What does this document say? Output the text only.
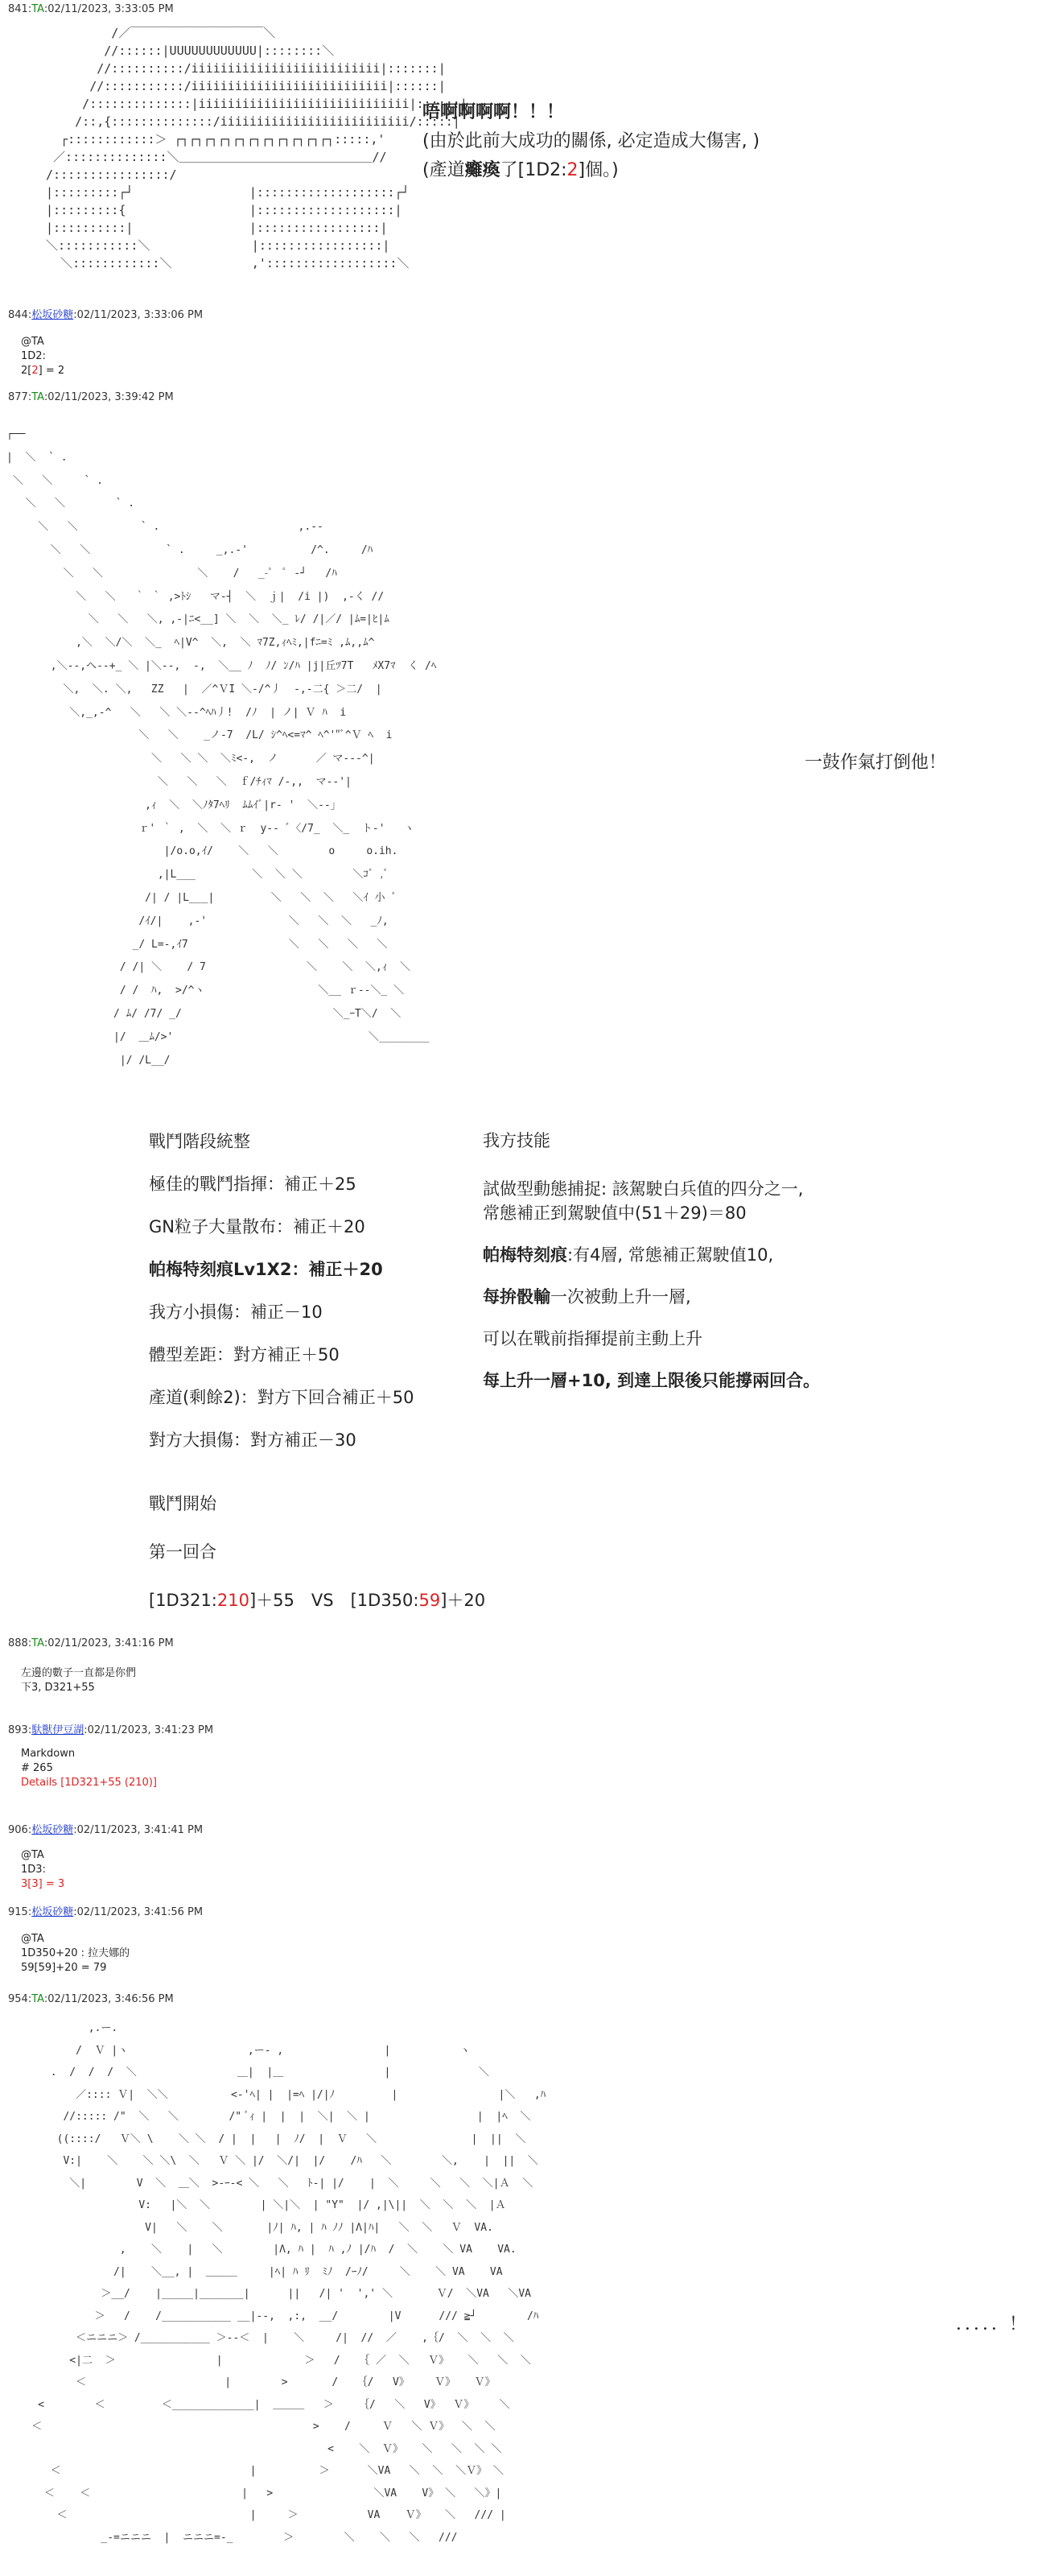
841:TA:02/11/2023, 3:33:05 PM
/／￣￣￣￣￣￣￣￣￣￣￣＼
//::::::|UUUUUUUUUUUU|::::::::＼
//::::::::::/iiiiiiiiiiiiiiiiiiiiiiiiii|:::::::|
//:::::::::::/iiiiiiiiiiiiiiiiiiiiiiiiiii|::::::|
/::::::::::::::|iiiiiiiiiiiiiiiiiiiiiiiiiiiii|::::::|
/::,{::::::::::::::/iiiiiiiiiiiiiiiiiiiiiiiiii/:::::|
┌::::::::::::＞ ┌┐┌┐┌┐┌┐┌┐┌┐┌┐┌┐┌┐┌┐┌┐:::::,'
／::::::::::::::＼＿＿＿＿＿＿＿＿＿＿＿＿＿＿＿＿//
/::::::::::::::::/
|:::::::::┌┘                |:::::::::::::::::::┌┘
|:::::::::{                 |:::::::::::::::::::|
|::::::::::|                |:::::::::::::::::|
＼:::::::::::＼              |:::::::::::::::::|
＼::::::::::::＼           ,'::::::::::::::::::＼
唔啊啊啊啊！！！
(由於此前大成功的關係, 必定造成大傷害, )
(產道癱瘓了[1D2:2]個。)
844:松坂砂糖:02/11/2023, 3:33:06 PM
@TA
1D2:
2[2] = 2
877:TA:02/11/2023, 3:39:42 PM
┌──
|  ＼  ` .
＼   ＼     ` .
＼   ＼        ` .
＼   ＼          ` .                      ,.-‐
＼   ＼            ` .     _,.-'          /^.     /ﾊ
＼   ＼               ＼    /   _-ﾟ  ﾟ -┘   /ﾊ
＼   ＼   ｀ ｀ ,>ﾄｼ   マ-┤  ＼  ｊ|  /i |)  ,-く //
＼   ＼   ＼, ,-|ﾆ<__] ＼  ＼  ＼_ ﾚ/ /|／/ |ﾑ=|ﾋ|ﾑ
,＼  ＼/＼  ＼_  ﾍ|V^  ＼,  ＼ ﾏ7Z,ｨﾍﾐ,|fﾆ=ﾐ ,ﾑ,,ﾑ^
,＼--,へ--+_ ＼ |＼--,  -,  ＼__ ﾉ  ﾉ/ ﾝ/ﾊ |j|丘ﾂ7T   ﾒX7ﾏ  く /ﾍ
＼,  ＼. ＼,   ZZ   |  ／^ＶI ＼-/^丿  -,-二{ ＞二/  |
＼,_,-^   ＼   ＼ ＼--^ﾍﾊ丿!  /ﾉ  | ノ| Ｖ ﾊ  i
＼   ＼    _ノ-7  /L/ ｼ^ﾍ<=ﾏ^ ﾍ^'"ﾞ^Ｖ ﾍ  i
＼   ＼ ＼  ＼ﾐ<-,  ノ      ／ マ---^|
＼   ＼   ＼  ｆ/ﾁｨﾏ /-,,  マ--'|
,ｨ  ＼  ＼ﾉﾀ7ﾍﾘ  ﾑﾑｲﾞ|r- '  ＼--」
ｒ' ｀ ,  ＼  ＼ ｒ  y-- ﾞ〈/7_  ＼_  ト-'   ヽ
|/o.o,ｲ/    ＼   ＼        o     o.ih.
,|L___         ＼  ＼ ＼        ＼ｺﾞ ,ﾞ
/| / |L___|         ＼   ＼  ＼   ＼ｲ 小 ﾞ
/ｲ/|    ,-'             ＼   ＼  ＼   _ﾉ,
_/ L=-,ｲ7                ＼   ＼   ＼   ＼
/ /| ＼    / 7                ＼    ＼  ＼,ｨ  ＼
/ /  ﾊ,  >/^ヽ                  ＼__ ｒ--＼_ ＼
/ ﾑ/ /7/ _/                        ＼_ｰT＼/  ＼
|/  ＿ﾑ/>'                               ＼________
|/ /L__/
一鼓作氣打倒他！
戰鬥階段統整
極佳的戰鬥指揮：補正＋25
GN粒子大量散布：補正＋20
帕梅特刻痕Lv1X2：補正＋20
我方小損傷：補正－10
體型差距：對方補正＋50
產道(剩餘2)：對方下回合補正＋50
對方大損傷：對方補正－30
我方技能
試做型動態捕捉: 該駕駛白兵值的四分之一,
常態補正到駕駛值中(51＋29)＝80
帕梅特刻痕:有4層, 常態補正駕駛值10,
每拚骰輸一次被動上升一層,
可以在戰前指揮提前主動上升
每上升一層+10, 到達上限後只能撐兩回合。
戰鬥開始
第一回合
[1D321:210]＋55　VS　[1D350:59]＋20
888:TA:02/11/2023, 3:41:16 PM
左邊的數子一直都是你們
下3, D321+55
893:馱獸伊豆湖:02/11/2023, 3:41:23 PM
Markdown
# 265
Details [1D321+55 (210)]
906:松坂砂糖:02/11/2023, 3:41:41 PM
@TA
1D3:
3[3] = 3
915:松坂砂糖:02/11/2023, 3:41:56 PM
@TA
1D350+20 : 拉夫娜的
59[59]+20 = 79
954:TA:02/11/2023, 3:46:56 PM
,.ー.
/  Ｖ |ヽ                   ,ー- ,                |           ヽ
.  /  /  /  ＼                ＿|  |＿                |              ＼
／:::: Ｖ|  ＼＼          <-'ﾍ| |  |=ﾍ |/|ﾉ         |                |＼   ,ﾊ
//::::: /"  ＼   ＼        /" ﾞｨ |  |  |  ＼|  ＼ |                 |  |ﾍ  ＼
((::::/   Ｖ＼ \    ＼ ＼  / |  |   |  ﾉ/  |  Ｖ   ＼               |  ||  ＼
V:|    ＼    ＼ ＼\  ＼   Ｖ ＼ |/  ＼/|  |/    /ﾊ   ＼        ＼,    |  ||  ＼
＼|        V  ＼  ＿＼  >-ｰ-< ＼   ＼   ﾄ-| |/    |  ＼     ＼   ＼  ＼|Ａ  ＼
V:   |＼  ＼        | ＼|＼  | "Y"  |/ ,|\||  ＼  ＼  ＼  |Ａ
V|   ＼    ＼       |ﾉ| ﾊ, | ﾊ ﾉﾉ |Λ|ﾊ|   ＼  ＼   Ｖ  VA.
,    ＼    |   ＼        |Λ, ﾊ |  ﾊ ,ﾉ |/ﾊ  /  ＼    ＼ VA    VA.
/|    ＼__, |  ＿＿＿     |ﾍ| ﾊ ﾘ  ﾐﾉ  /ｰﾉ/     ＼    ＼ VA    VA
＞__/    |_____|_______|      ||   /| '  ',' ＼       Ｖ/  ＼VA   ＼VA
＞   /    /___________ __|--,  ,:,  __/        |V      /// ≧┘        /ﾊ
＜ニニニ＞ /___________ ＞--＜  |    ＼     /|  //  ／    ,｛/  ＼  ＼  ＼
<|二  ＞                |             ＞   /   ｛ ／  ＼   Ｖ》   ＼   ＼  ＼
＜                      |        >       /   ｛/   V》    Ｖ》   Ｖ》
<        ＜         ＜_____________|  ＿＿＿   ＞    ｛/   ＼   V》  Ｖ》    ＼
＜                                           >    /     Ｖ   ＼ Ｖ》  ＼  ＼
<    ＼  Ｖ》   ＼   ＼  ＼ ＼
＜                              |          ＞      ＼VA   ＼  ＼  ＼Ｖ》 ＼
＜    ＜                        |   >                ＼VA    V》 ＼   ＼》|
＜                             |     ＞           VA    Ｖ》   ＼   /// |
_-=ニニニ  |  ニニニ=-_        ＞        ＼    ＼   ＼   ///
．．．．．！
